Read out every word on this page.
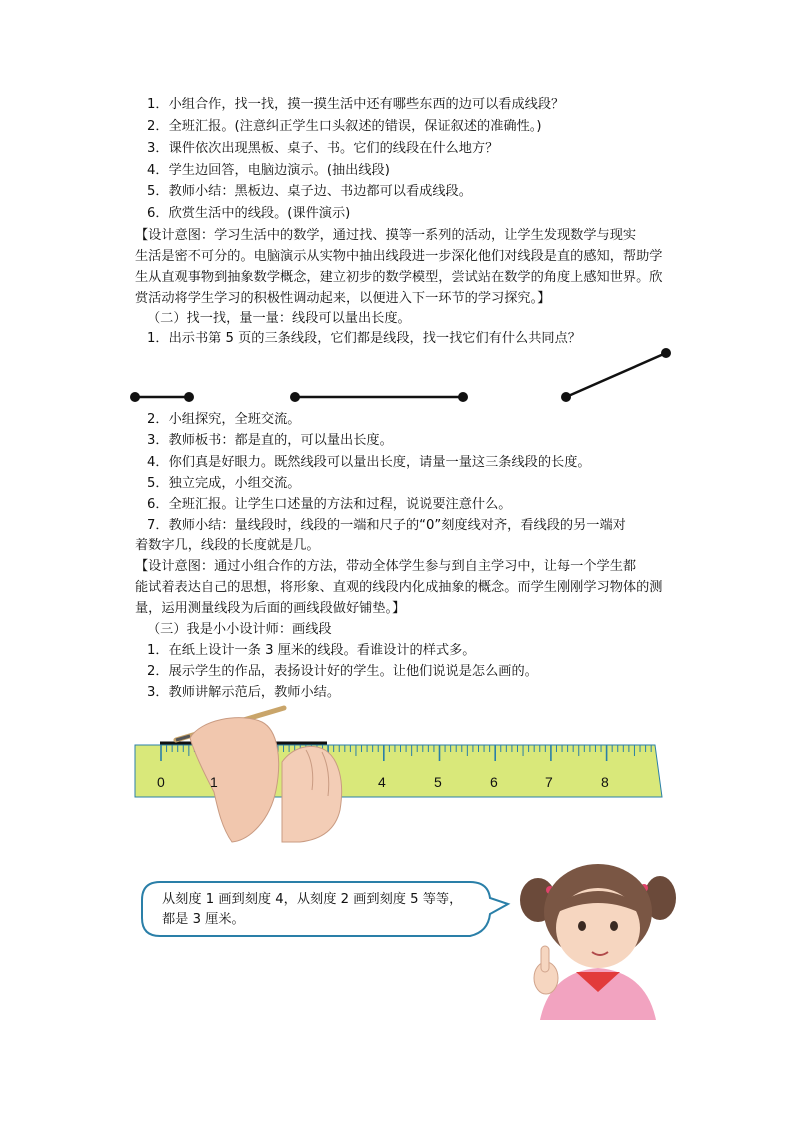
1．小组合作，找一找，摸一摸生活中还有哪些东西的边可以看成线段？
2．全班汇报。(注意纠正学生口头叙述的错误，保证叙述的准确性。)
3．课件依次出现黑板、桌子、书。它们的线段在什么地方？
4．学生边回答，电脑边演示。(抽出线段)
5．教师小结：黑板边、桌子边、书边都可以看成线段。
6．欣赏生活中的线段。(课件演示)
【设计意图：学习生活中的数学，通过找、摸等一系列的活动，让学生发现数学与现实
生活是密不可分的。电脑演示从实物中抽出线段进一步深化他们对线段是直的感知，帮助学
生从直观事物到抽象数学概念，建立初步的数学模型，尝试站在数学的角度上感知世界。欣
赏活动将学生学习的积极性调动起来，以便进入下一环节的学习探究。】
（二）找一找，量一量：线段可以量出长度。
1．出示书第 5 页的三条线段，它们都是线段，找一找它们有什么共同点？
2．小组探究，全班交流。
3．教师板书：都是直的，可以量出长度。
4．你们真是好眼力。既然线段可以量出长度，请量一量这三条线段的长度。
5．独立完成，小组交流。
6．全班汇报。让学生口述量的方法和过程，说说要注意什么。
7．教师小结：量线段时，线段的一端和尺子的“0”刻度线对齐，看线段的另一端对
着数字几，线段的长度就是几。
【设计意图：通过小组合作的方法，带动全体学生参与到自主学习中，让每一个学生都
能试着表达自己的思想，将形象、直观的线段内化成抽象的概念。而学生刚刚学习物体的测
量，运用测量线段为后面的画线段做好铺垫。】
（三）我是小小设计师：画线段
1．在纸上设计一条 3 厘米的线段。看谁设计的样式多。
2．展示学生的作品，表扬设计好的学生。让他们说说是怎么画的。
3．教师讲解示范后，教师小结。
0	1	4	5	6	7	8
从刻度 1 画到刻度 4，从刻度 2 画到刻度 5 等等，
都是 3 厘米。
